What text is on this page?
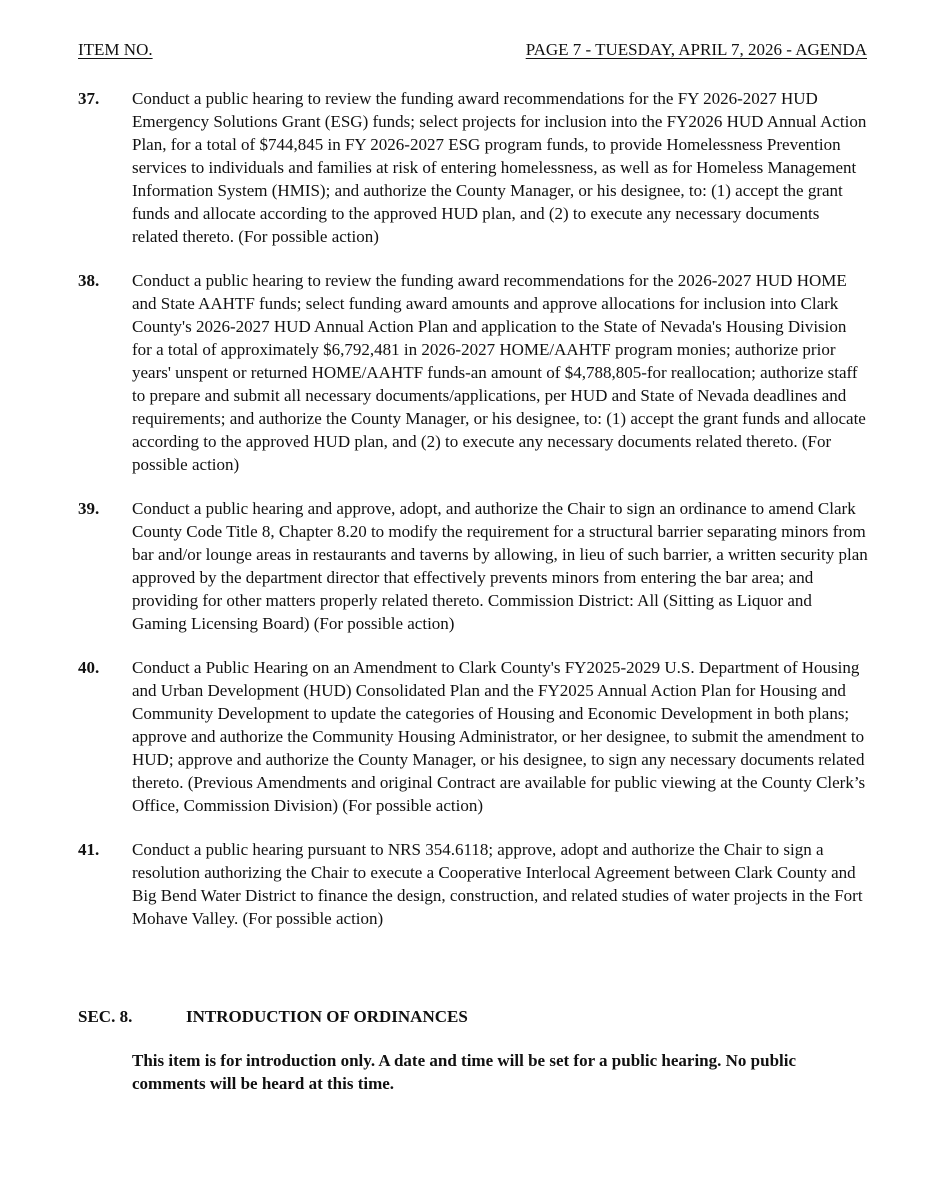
ITEM NO.	PAGE 7 - TUESDAY, APRIL 7, 2026 - AGENDA
37. Conduct a public hearing to review the funding award recommendations for the FY 2026-2027 HUD Emergency Solutions Grant (ESG) funds; select projects for inclusion into the FY2026 HUD Annual Action Plan, for a total of $744,845 in FY 2026-2027 ESG program funds, to provide Homelessness Prevention services to individuals and families at risk of entering homelessness, as well as for Homeless Management Information System (HMIS); and authorize the County Manager, or his designee, to: (1) accept the grant funds and allocate according to the approved HUD plan, and (2) to execute any necessary documents related thereto. (For possible action)
38. Conduct a public hearing to review the funding award recommendations for the 2026-2027 HUD HOME and State AAHTF funds; select funding award amounts and approve allocations for inclusion into Clark County's 2026-2027 HUD Annual Action Plan and application to the State of Nevada's Housing Division for a total of approximately $6,792,481 in 2026-2027 HOME/AAHTF program monies; authorize prior years' unspent or returned HOME/AAHTF funds-an amount of $4,788,805-for reallocation; authorize staff to prepare and submit all necessary documents/applications, per HUD and State of Nevada deadlines and requirements; and authorize the County Manager, or his designee, to: (1) accept the grant funds and allocate according to the approved HUD plan, and (2) to execute any necessary documents related thereto. (For possible action)
39. Conduct a public hearing and approve, adopt, and authorize the Chair to sign an ordinance to amend Clark County Code Title 8, Chapter 8.20 to modify the requirement for a structural barrier separating minors from bar and/or lounge areas in restaurants and taverns by allowing, in lieu of such barrier, a written security plan approved by the department director that effectively prevents minors from entering the bar area; and providing for other matters properly related thereto. Commission District: All (Sitting as Liquor and Gaming Licensing Board) (For possible action)
40. Conduct a Public Hearing on an Amendment to Clark County's FY2025-2029 U.S. Department of Housing and Urban Development (HUD) Consolidated Plan and the FY2025 Annual Action Plan for Housing and Community Development to update the categories of Housing and Economic Development in both plans; approve and authorize the Community Housing Administrator, or her designee, to submit the amendment to HUD; approve and authorize the County Manager, or his designee, to sign any necessary documents related thereto. (Previous Amendments and original Contract are available for public viewing at the County Clerk’s Office, Commission Division) (For possible action)
41. Conduct a public hearing pursuant to NRS 354.6118; approve, adopt and authorize the Chair to sign a resolution authorizing the Chair to execute a Cooperative Interlocal Agreement between Clark County and Big Bend Water District to finance the design, construction, and related studies of water projects in the Fort Mohave Valley. (For possible action)
SEC. 8.	INTRODUCTION OF ORDINANCES
This item is for introduction only. A date and time will be set for a public hearing. No public comments will be heard at this time.
